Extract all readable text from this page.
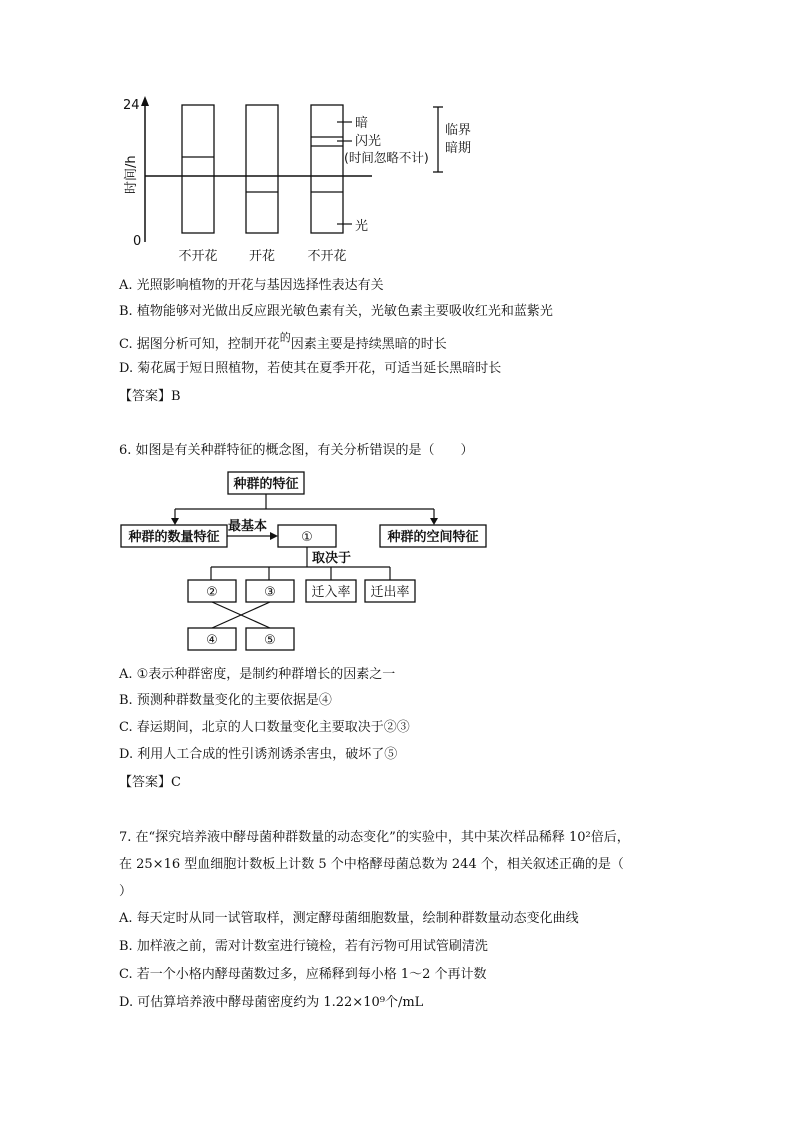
24
0
时间/h
暗
闪光
(时间忽略不计)
光
临界
暗期
不开花 开花 不开花
A. 光照影响植物的开花与基因选择性表达有关
B. 植物能够对光做出反应跟光敏色素有关，光敏色素主要吸收红光和蓝紫光
C. 据图分析可知，控制开花$^的$因素主要是持续黑暗的时长
D. 菊花属于短日照植物，若使其在夏季开花，可适当延长黑暗时长
【答案】B
6. 如图是有关种群特征的概念图，有关分析错误的是（　　）
种群的特征
种群的数量特征	种群的空间特征
最基本
①
取决于
②	③	迁入率 迁出率
④	⑤
A. ①表示种群密度，是制约种群增长的因素之一
B. 预测种群数量变化的主要依据是④
C. 春运期间，北京的人口数量变化主要取决于②③
D. 利用人工合成的性引诱剂诱杀害虫，破坏了⑤
【答案】C
7. 在“探究培养液中酵母菌种群数量的动态变化”的实验中，其中某次样品稀释 10²倍后，
在 25×16 型血细胞计数板上计数 5 个中格酵母菌总数为 244 个，相关叙述正确的是（
）
A. 每天定时从同一试管取样，测定酵母菌细胞数量，绘制种群数量动态变化曲线
B. 加样液之前，需对计数室进行镜检，若有污物可用试管刷清洗
C. 若一个小格内酵母菌数过多，应稀释到每小格 1～2 个再计数
D. 可估算培养液中酵母菌密度约为 1.22×10⁹个/mL
